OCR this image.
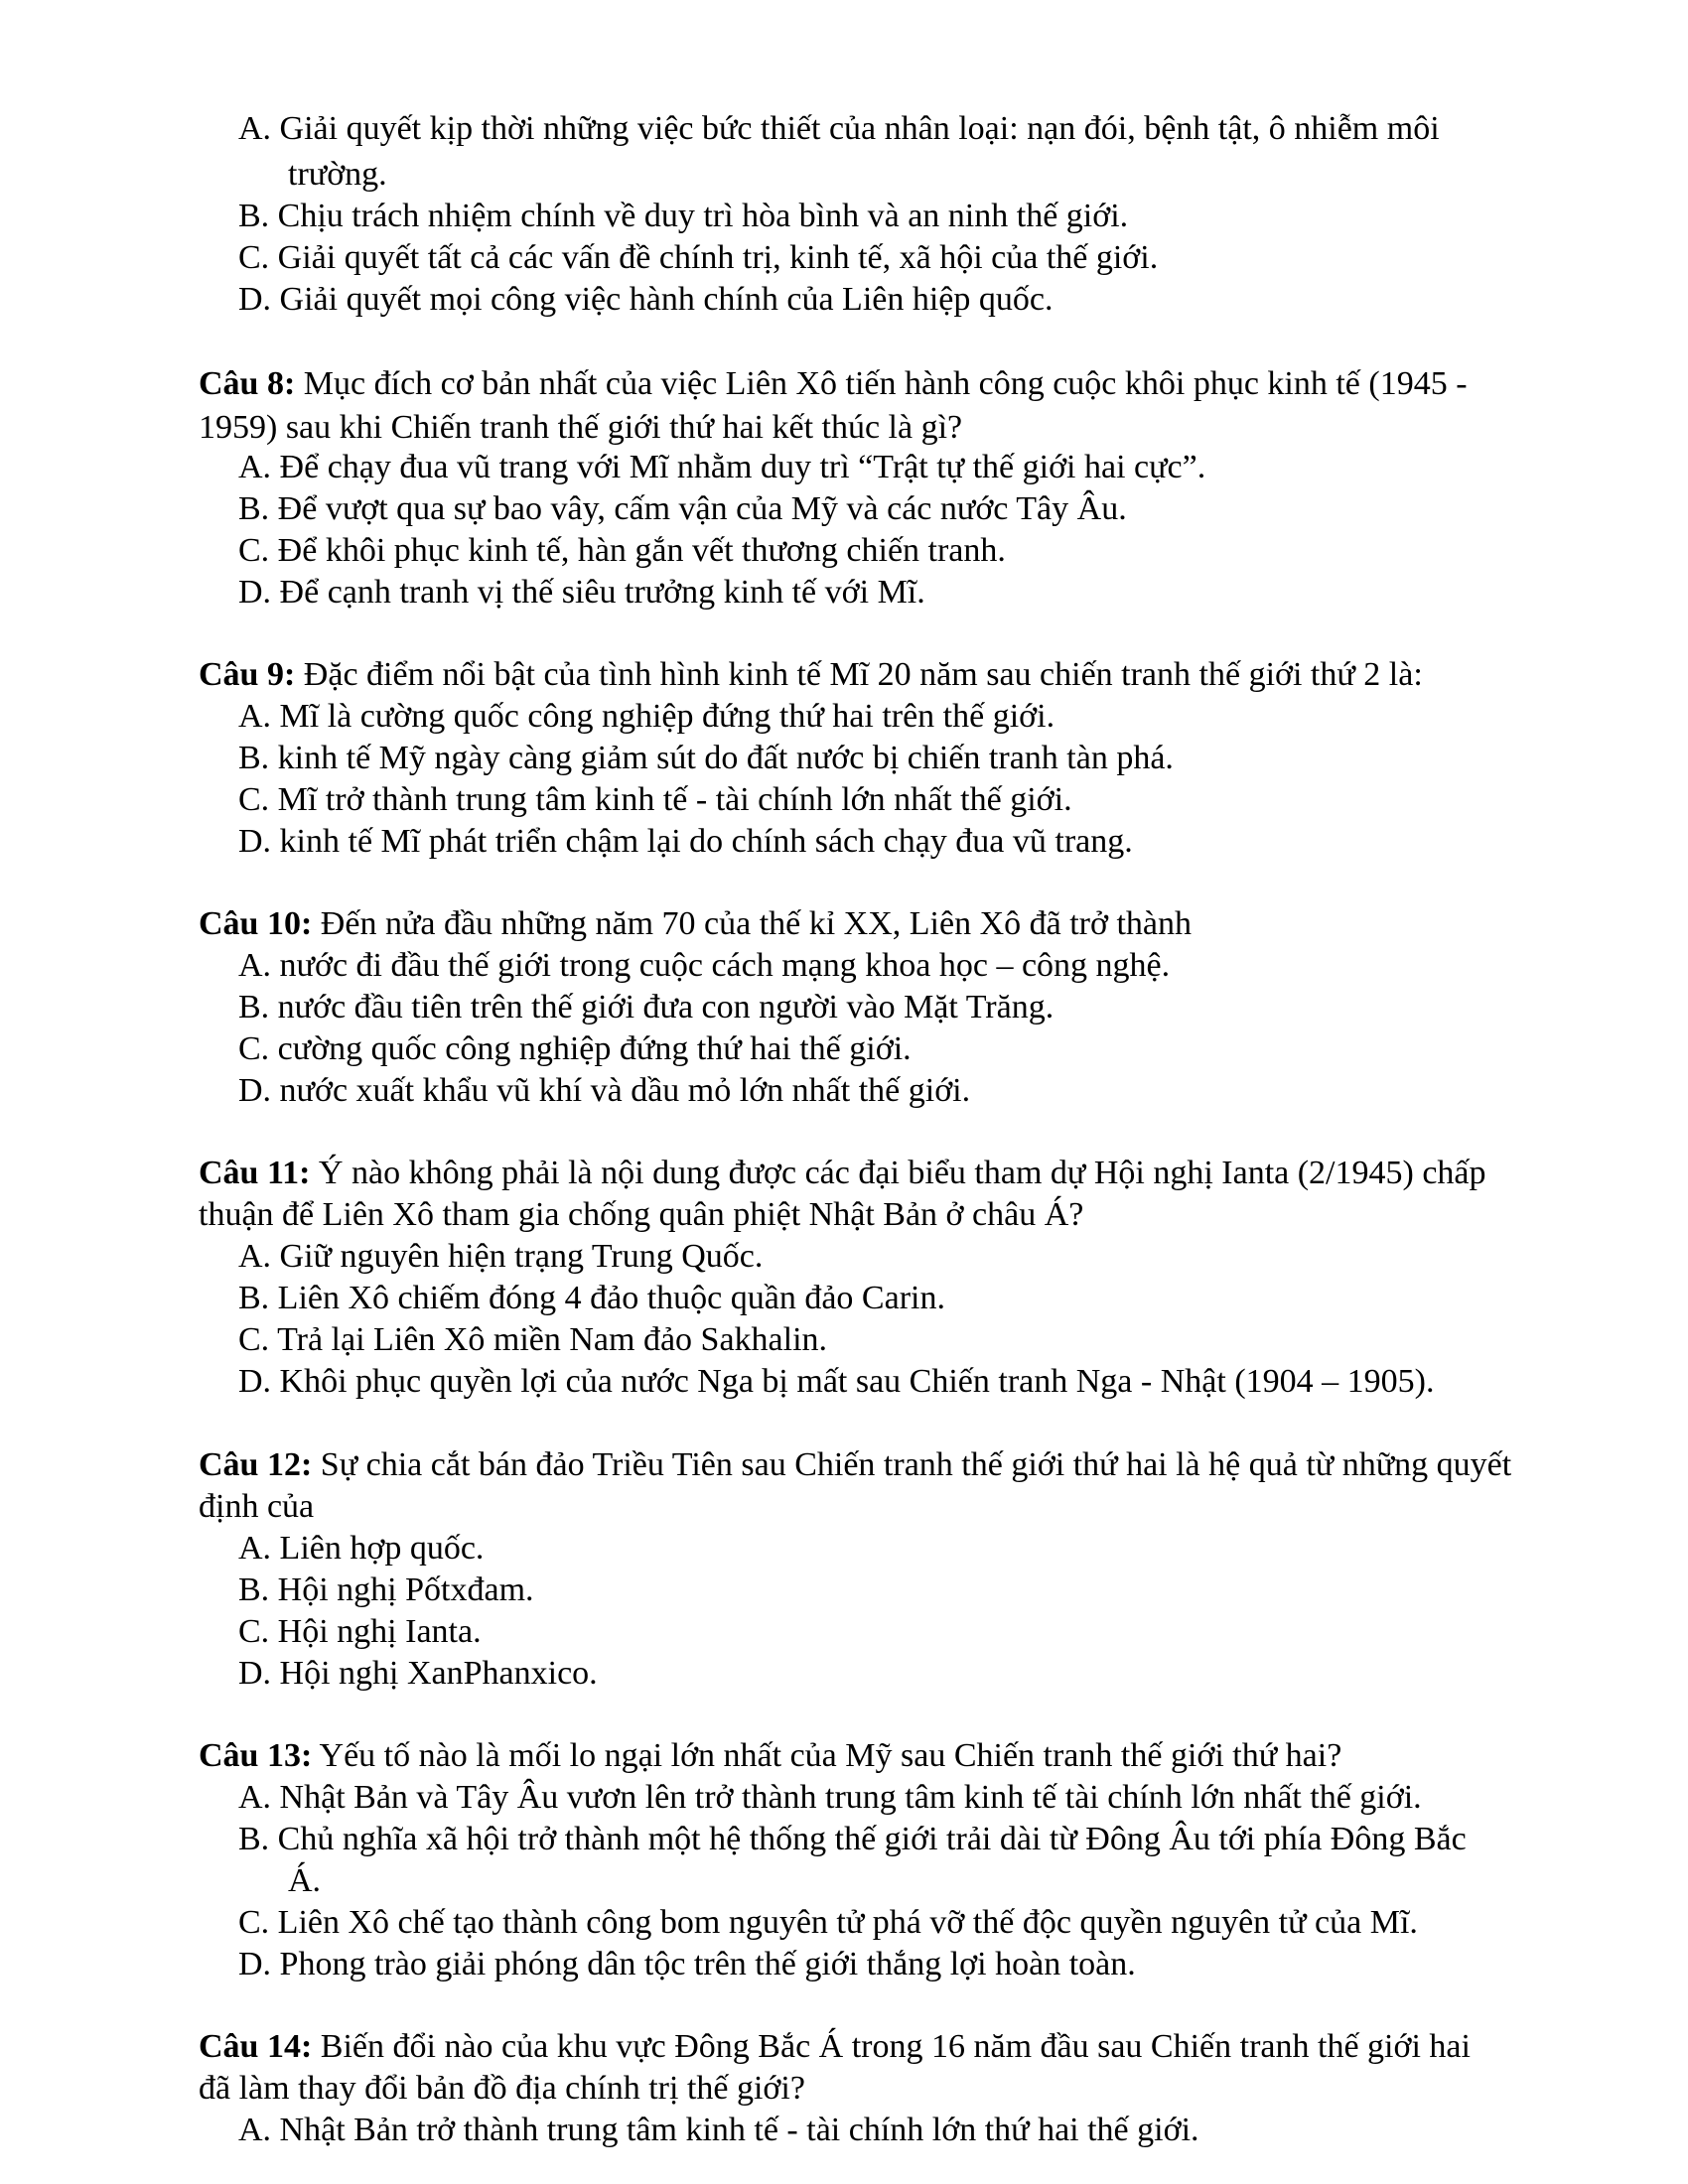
A. Giải quyết kịp thời những việc bức thiết của nhân loại: nạn đói, bệnh tật, ô nhiễm môi
trường.
B. Chịu trách nhiệm chính về duy trì hòa bình và an ninh thế giới.
C. Giải quyết tất cả các vấn đề chính trị, kinh tế, xã hội của thế giới.
D. Giải quyết mọi công việc hành chính của Liên hiệp quốc.
Câu 8: Mục đích cơ bản nhất của việc Liên Xô tiến hành công cuộc khôi phục kinh tế (1945 -
1959) sau khi Chiến tranh thế giới thứ hai kết thúc là gì?
A. Để chạy đua vũ trang với Mĩ nhằm duy trì “Trật tự thế giới hai cực”.
B. Để vượt qua sự bao vây, cấm vận của Mỹ và các nước Tây Âu.
C. Để khôi phục kinh tế, hàn gắn vết thương chiến tranh.
D. Để cạnh tranh vị thế siêu trưởng kinh tế với Mĩ.
Câu 9: Đặc điểm nổi bật của tình hình kinh tế Mĩ 20 năm sau chiến tranh thế giới thứ 2 là:
A. Mĩ là cường quốc công nghiệp đứng thứ hai trên thế giới.
B. kinh tế Mỹ ngày càng giảm sút do đất nước bị chiến tranh tàn phá.
C. Mĩ trở thành trung tâm kinh tế - tài chính lớn nhất thế giới.
D. kinh tế Mĩ phát triển chậm lại do chính sách chạy đua vũ trang.
Câu 10: Đến nửa đầu những năm 70 của thế kỉ XX, Liên Xô đã trở thành
A. nước đi đầu thế giới trong cuộc cách mạng khoa học – công nghệ.
B. nước đầu tiên trên thế giới đưa con người vào Mặt Trăng.
C. cường quốc công nghiệp đứng thứ hai thế giới.
D. nước xuất khẩu vũ khí và dầu mỏ lớn nhất thế giới.
Câu 11: Ý nào không phải là nội dung được các đại biểu tham dự Hội nghị Ianta (2/1945) chấp
thuận để Liên Xô tham gia chống quân phiệt Nhật Bản ở châu Á?
A. Giữ nguyên hiện trạng Trung Quốc.
B. Liên Xô chiếm đóng 4 đảo thuộc quần đảo Carin.
C. Trả lại Liên Xô miền Nam đảo Sakhalin.
D. Khôi phục quyền lợi của nước Nga bị mất sau Chiến tranh Nga - Nhật (1904 – 1905).
Câu 12: Sự chia cắt bán đảo Triều Tiên sau Chiến tranh thế giới thứ hai là hệ quả từ những quyết
định của
A. Liên hợp quốc.
B. Hội nghị Pốtxđam.
C. Hội nghị Ianta.
D. Hội nghị XanPhanxico.
Câu 13: Yếu tố nào là mối lo ngại lớn nhất của Mỹ sau Chiến tranh thế giới thứ hai?
A. Nhật Bản và Tây Âu vươn lên trở thành trung tâm kinh tế tài chính lớn nhất thế giới.
B. Chủ nghĩa xã hội trở thành một hệ thống thế giới trải dài từ Đông Âu tới phía Đông Bắc
Á.
C. Liên Xô chế tạo thành công bom nguyên tử phá vỡ thế độc quyền nguyên tử của Mĩ.
D. Phong trào giải phóng dân tộc trên thế giới thắng lợi hoàn toàn.
Câu 14: Biến đổi nào của khu vực Đông Bắc Á trong 16 năm đầu sau Chiến tranh thế giới hai
đã làm thay đổi bản đồ địa chính trị thế giới?
A. Nhật Bản trở thành trung tâm kinh tế - tài chính lớn thứ hai thế giới.
